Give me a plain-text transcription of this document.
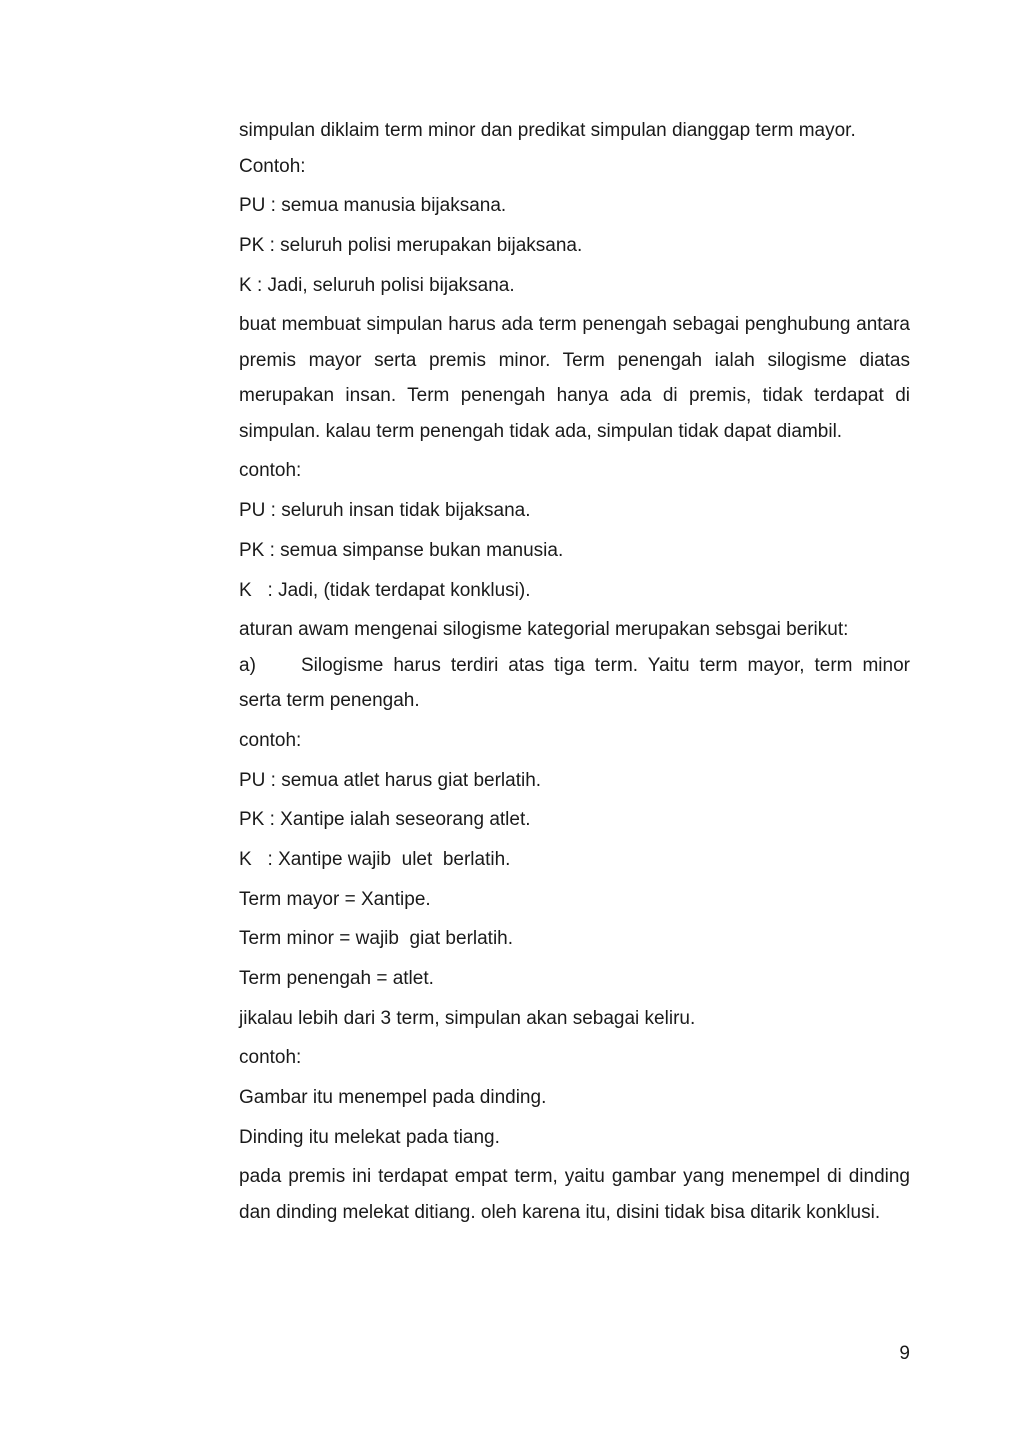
simpulan diklaim term minor dan predikat simpulan dianggap term mayor.

Contoh:

PU : semua manusia bijaksana.

PK : seluruh polisi merupakan bijaksana.

K : Jadi, seluruh polisi bijaksana.

buat membuat simpulan harus ada term penengah sebagai penghubung antara premis mayor serta premis minor. Term penengah ialah silogisme diatas merupakan insan. Term penengah hanya ada di premis, tidak terdapat di simpulan. kalau term penengah tidak ada, simpulan tidak dapat diambil.

contoh:

PU : seluruh insan tidak bijaksana.

PK : semua simpanse bukan manusia.

K   : Jadi, (tidak terdapat konklusi).

aturan awam mengenai silogisme kategorial merupakan sebsgai berikut:

a) Silogisme harus terdiri atas tiga term. Yaitu term mayor, term minor serta term penengah.

contoh:

PU : semua atlet harus giat berlatih.

PK : Xantipe ialah seseorang atlet.

K   : Xantipe wajib  ulet  berlatih.

Term mayor = Xantipe.

Term minor = wajib  giat berlatih.

Term penengah = atlet.

jikalau lebih dari 3 term, simpulan akan sebagai keliru.

contoh:

Gambar itu menempel pada dinding.

Dinding itu melekat pada tiang.

pada premis ini terdapat empat term, yaitu gambar yang menempel di dinding dan dinding melekat ditiang. oleh karena itu, disini tidak bisa ditarik konklusi.

9
